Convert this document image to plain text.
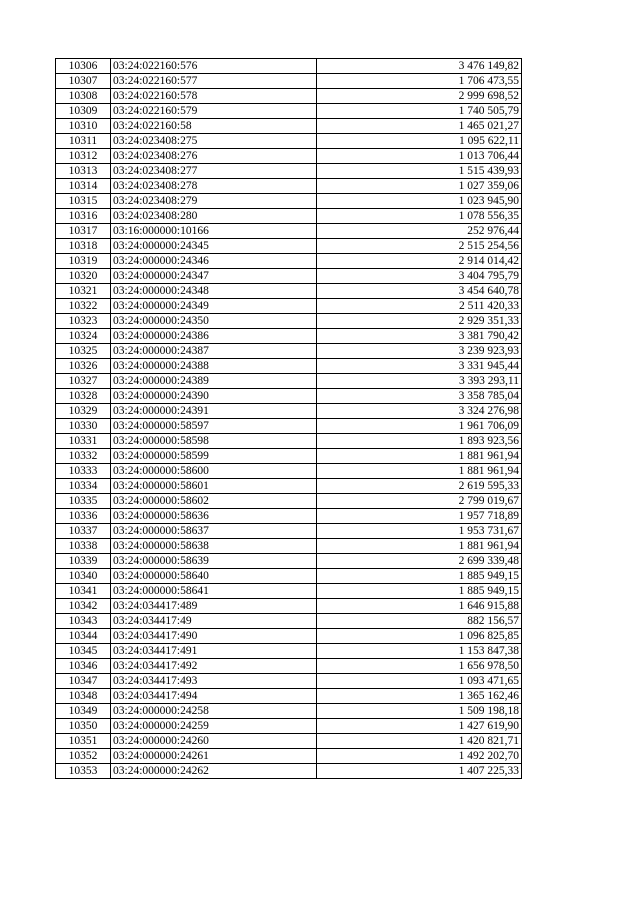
10306	03:24:022160:576	3 476 149,82
10307	03:24:022160:577	1 706 473,55
10308	03:24:022160:578	2 999 698,52
10309	03:24:022160:579	1 740 505,79
10310	03:24:022160:58	1 465 021,27
10311	03:24:023408:275	1 095 622,11
10312	03:24:023408:276	1 013 706,44
10313	03:24:023408:277	1 515 439,93
10314	03:24:023408:278	1 027 359,06
10315	03:24:023408:279	1 023 945,90
10316	03:24:023408:280	1 078 556,35
10317	03:16:000000:10166	252 976,44
10318	03:24:000000:24345	2 515 254,56
10319	03:24:000000:24346	2 914 014,42
10320	03:24:000000:24347	3 404 795,79
10321	03:24:000000:24348	3 454 640,78
10322	03:24:000000:24349	2 511 420,33
10323	03:24:000000:24350	2 929 351,33
10324	03:24:000000:24386	3 381 790,42
10325	03:24:000000:24387	3 239 923,93
10326	03:24:000000:24388	3 331 945,44
10327	03:24:000000:24389	3 393 293,11
10328	03:24:000000:24390	3 358 785,04
10329	03:24:000000:24391	3 324 276,98
10330	03:24:000000:58597	1 961 706,09
10331	03:24:000000:58598	1 893 923,56
10332	03:24:000000:58599	1 881 961,94
10333	03:24:000000:58600	1 881 961,94
10334	03:24:000000:58601	2 619 595,33
10335	03:24:000000:58602	2 799 019,67
10336	03:24:000000:58636	1 957 718,89
10337	03:24:000000:58637	1 953 731,67
10338	03:24:000000:58638	1 881 961,94
10339	03:24:000000:58639	2 699 339,48
10340	03:24:000000:58640	1 885 949,15
10341	03:24:000000:58641	1 885 949,15
10342	03:24:034417:489	1 646 915,88
10343	03:24:034417:49	882 156,57
10344	03:24:034417:490	1 096 825,85
10345	03:24:034417:491	1 153 847,38
10346	03:24:034417:492	1 656 978,50
10347	03:24:034417:493	1 093 471,65
10348	03:24:034417:494	1 365 162,46
10349	03:24:000000:24258	1 509 198,18
10350	03:24:000000:24259	1 427 619,90
10351	03:24:000000:24260	1 420 821,71
10352	03:24:000000:24261	1 492 202,70
10353	03:24:000000:24262	1 407 225,33
